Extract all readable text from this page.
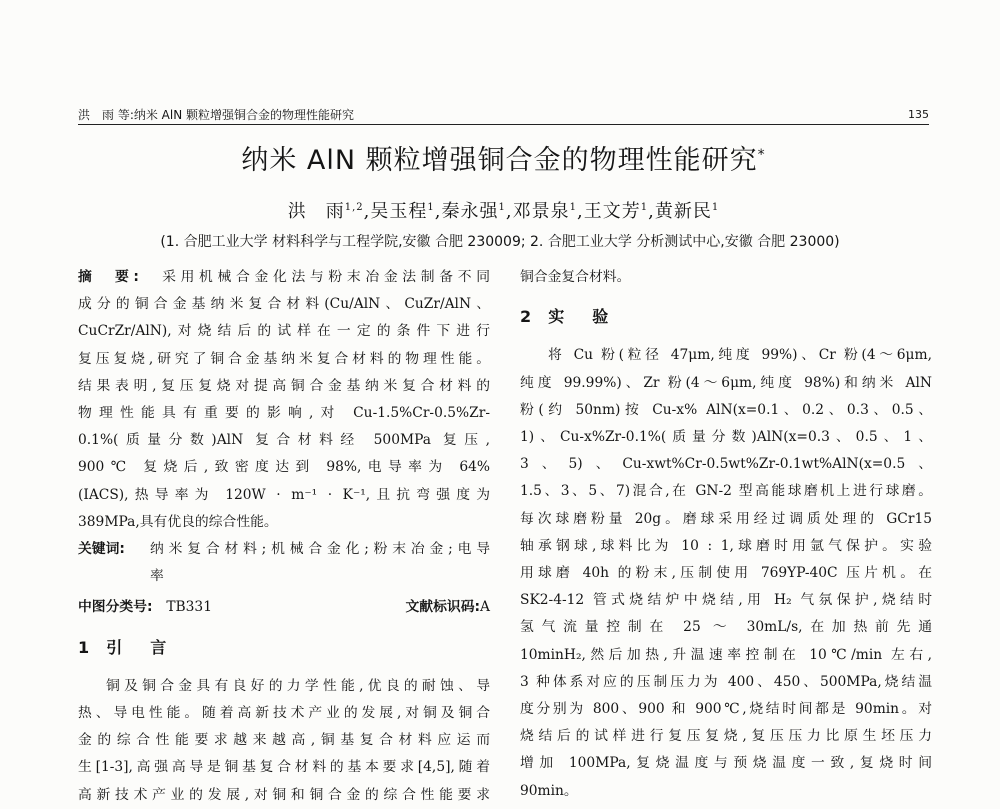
洪　雨 等:纳米 AlN 颗粒增强铜合金的物理性能研究	135
纳米 AlN 颗粒增强铜合金的物理性能研究*
洪　雨$^{1,2}$,吴玉程$^1$,秦永强$^1$,邓景泉$^1$,王文芳$^1$,黄新民$^1$
(1. 合肥工业大学 材料科学与工程学院,安徽 合肥 230009; 2. 合肥工业大学 分析测试中心,安徽 合肥 23000)
摘　要:　 采用机械合金化法与粉末冶金法制备不同
成分的铜合金基纳米复合材料(Cu/AlN、CuZr/AlN、
CuCrZr/AlN),对烧结后的试样在一定的条件下进行
复压复烧,研究了铜合金基纳米复合材料的物理性能。
结果表明,复压复烧对提高铜合金基纳米复合材料的
物理性能具有重要的影响,对 Cu-1.5%Cr-0.5%Zr-
0.1%(质量分数)AlN 复合材料经 500MPa 复压,
900℃ 复烧后,致密度达到 98%,电导率为 64%
(IACS),热导率为 120W · m⁻¹ · K⁻¹,且抗弯强度为
389MPa,具有优良的综合性能。
关键词:	纳米复合材料;机械合金化;粉末冶金;电导
率
中图分类号:　 TB331	文献标识码:A
1 引　言
铜及铜合金具有良好的力学性能,优良的耐蚀、导
热、导电性能。随着高新技术产业的发展,对铜及铜合
金的综合性能要求越来越高,铜基复合材料应运而
生[1-3],高强高导是铜基复合材料的基本要求[4,5],随着
高新技术产业的发展,对铜和铜合金的综合性能要求
铜合金复合材料。
2 实　验
将 Cu 粉(粒径 47μm,纯度 99%)、Cr 粉(4～6μm,
纯度 99.99%)、Zr 粉(4～6μm,纯度 98%)和纳米 AlN
粉(约 50nm)按 Cu-x% AlN(x=0.1、0.2、0.3、0.5、
1)、Cu-x%Zr-0.1%(质量分数)AlN(x=0.3、0.5、1、
3、5)、Cu-xwt%Cr-0.5wt%Zr-0.1wt%AlN(x=0.5、
1.5、3、5、7)混合,在 GN-2 型高能球磨机上进行球磨。
每次球磨粉量 20g。磨球采用经过调质处理的 GCr15
轴承钢球,球料比为 10 : 1,球磨时用氩气保护。实验
用球磨 40h 的粉末,压制使用 769YP-40C 压片机。在
SK2-4-12 管式烧结炉中烧结,用 H₂ 气氛保护,烧结时
氢气流量控制在 25 ～ 30mL/s,在加热前先通
10minH₂,然后加热,升温速率控制在 10℃/min 左右,
3 种体系对应的压制压力为 400、450、500MPa,烧结温
度分别为 800、900 和 900℃,烧结时间都是 90min。对
烧结后的试样进行复压复烧,复压压力比原生坯压力
增加 100MPa,复烧温度与预烧温度一致,复烧时间
90min。
